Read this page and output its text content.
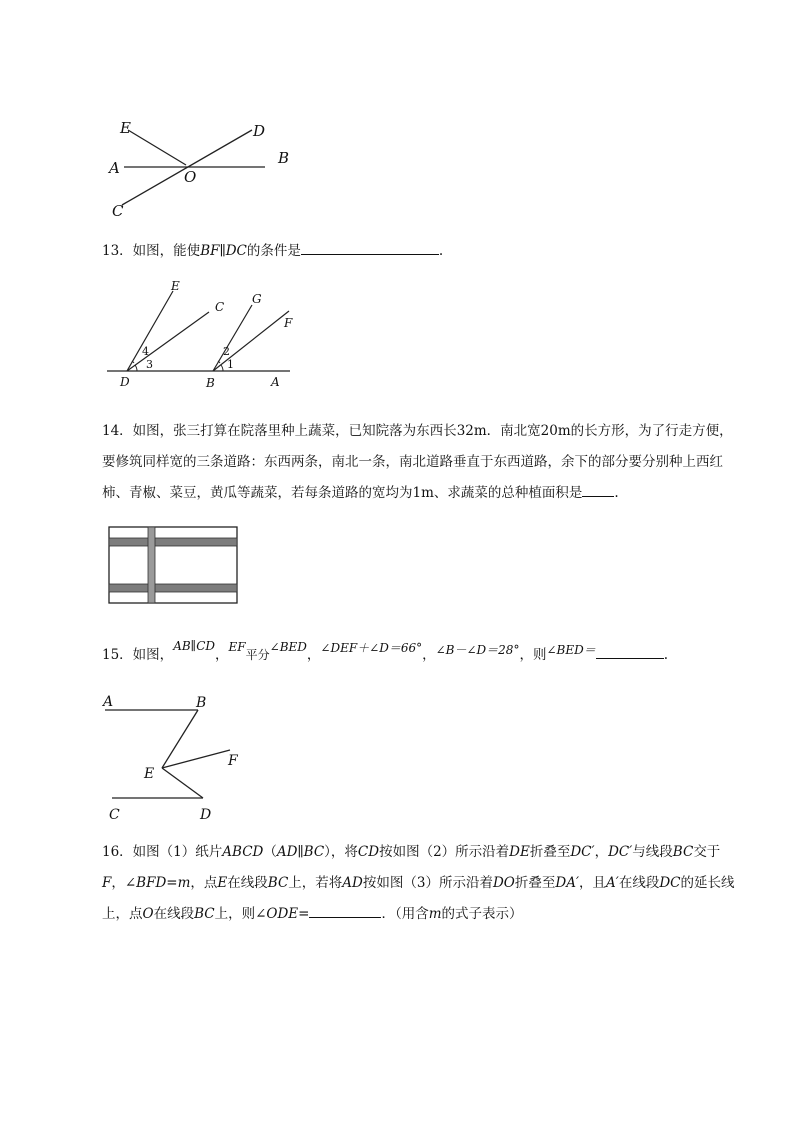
E	D
A	O
B
C
13．如图，能使BF∥DC的条件是	.
E
C
G
F
D	B	A
4
3
2
1
14．如图，张三打算在院落里种上蔬菜，已知院落为东西长32m．南北宽20m的长方形，为了行走方便，要修筑同样宽的三条道路：东西两条，南北一条，南北道路垂直于东西道路，余下的部分要分别种上西红柿、青椒、菜豆，黄瓜等蔬菜，若每条道路的宽均为1m、求蔬菜的总种植面积是 .
15．如图，AB∥CD，EF平分∠BED，∠DEF＋∠D＝66°，∠B－∠D＝28°，则∠BED＝	.
A	B
F
E
C	D
16．如图（1）纸片ABCD（AD∥BC），将CD按如图（2）所示沿着DE折叠至DC′，DC′与线段BC交于F，∠BFD=m，点E在线段BC上，若将AD按如图（3）所示沿着DO折叠至DA′，且A′在线段DC的延长线上，点O在线段BC上，则∠ODE=	．（用含m的式子表示）
